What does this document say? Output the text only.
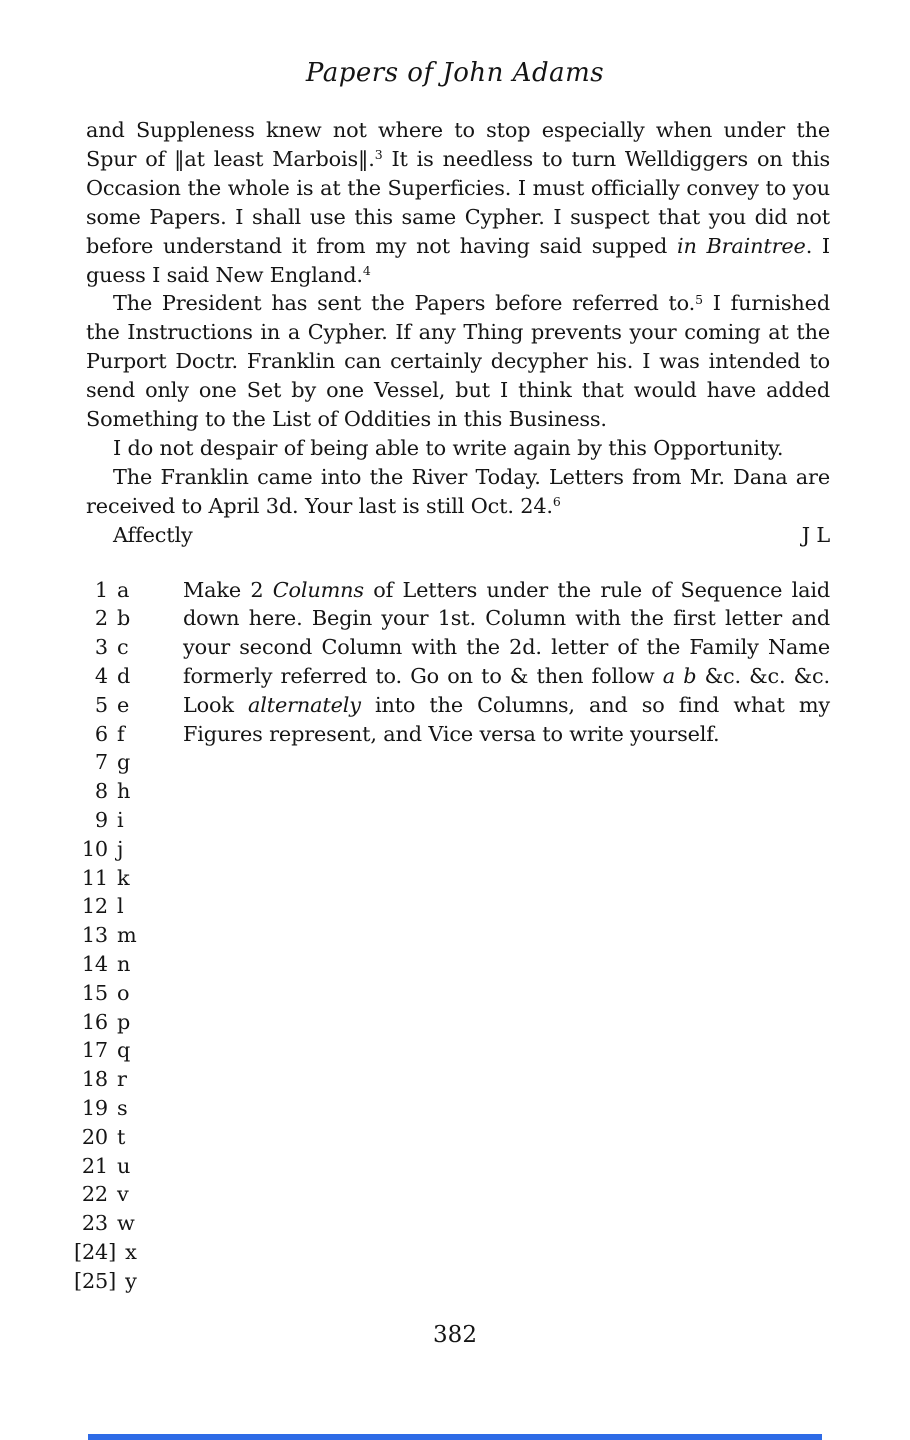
Papers of John Adams

and Suppleness knew not where to stop especially when under the Spur of ‖at least Marbois‖.$^3$ It is needless to turn Welldiggers on this Occasion the whole is at the Superficies. I must officially convey to you some Papers. I shall use this same Cypher. I suspect that you did not before understand it from my not having said supped in Braintree. I guess I said New England.$^4$

The President has sent the Papers before referred to.$^5$ I furnished the Instructions in a Cypher. If any Thing prevents your coming at the Purport Doctr. Franklin can certainly decypher his. I was intended to send only one Set by one Vessel, but I think that would have added Something to the List of Oddities in this Business.

I do not despair of being able to write again by this Opportunity.

The Franklin came into the River Today. Letters from Mr. Dana are received to April 3d. Your last is still Oct. 24.$^6$

Affectly	J L
1 a
2 b
3 c
4 d
5 e
6 f
7 g
8 h
9 i
10 j
11 k
12 l
13 m
14 n
15 o
16 p
17 q
18 r
19 s
20 t
21 u
22 v
23 w
[24] x
[25] y
Make 2 Columns of Letters under the rule of Sequence laid down here. Begin your 1st. Column with the first letter and your second Column with the 2d. letter of the Family Name formerly referred to. Go on to & then follow a b &c. &c. &c. Look alternately into the Columns, and so find what my Figures represent, and Vice versa to write yourself.
382
